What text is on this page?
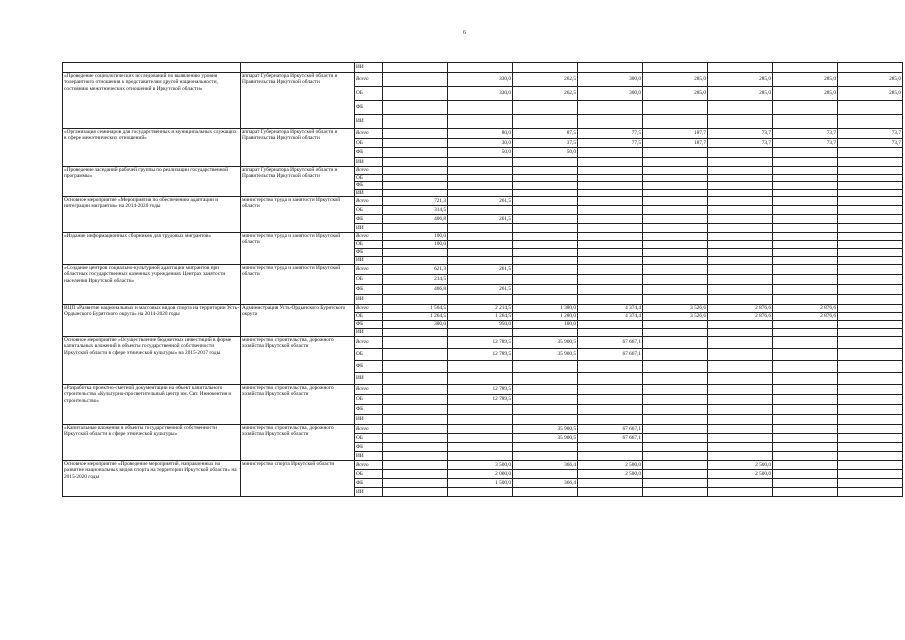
6
		ИИ								
«Проведение социологических исследований по выявлению уровня толерантного отношения к представителям другой национальности, состоянию межэтнических отношений в Иркутской области»	аппарат Губернатора Иркутской области и Правительства Иркутской области	Всего		330,0	262,5	300,0	285,0	285,0	285,0	285,0
		ОБ		330,0	262,5	300,0	285,0	285,0	285,0	285,0
		ФБ								
		ИИ								
«Организация семинаров для государственных и муниципальных служащих в сфере межэтнических отношений»	аппарат Губернатора Иркутской области и Правительства Иркутской области	Всего		80,0	87,5	77,5	187,7	73,7	73,7	73,7
		ОБ		30,0	37,5	77,5	187,7	73,7	73,7	73,7
		ФБ		50,0	50,0					
		ИИ								
«Проведение заседаний рабочей группы по реализации государственной программы»	аппарат Губернатора Иркутской области и Правительства Иркутской области	Всего								
		ОБ								
		ФБ								
		ИИ								
Основное мероприятие «Мероприятия по обеспечению адаптации и интеграции мигрантов» на 2014-2020 годы	министерство труда и занятости Иркутской области	Всего	721,3	261,5						
		ОБ	314,5							
		ФБ	406,8	261,5						
		ИИ								
«Издание информационных сборников для трудовых мигрантов»	министерство труда и занятости Иркутской области	Всего	100,0							
		ОБ	100,0							
		ФБ								
		ИИ								
«Создание центров социально-культурной адаптации мигрантов при областных государственных казенных учреждениях Центрах занятости населения Иркутской области»	министерство труда и занятости Иркутской области	Всего	621,3	261,5						
		ОБ	214,5							
		ФБ	406,8	261,5						
		ИИ								
ВЦП «Развитие национальных и массовых видов спорта на территории Усть-Ордынского Бурятского округа» на 2014-2020 годы	Администрация Усть-Ордынского Бурятского округа	Всего	1 564,5	2 214,5	1 380,0	4 374,4	3 526,6	2 876,6	2 876,6	
		ОБ	1 264,5	1 264,5	1 280,0	4 374,4	3 526,6	2 876,6	2 876,6	
		ФБ	300,0	950,0	100,0					
		ИИ								
Основное мероприятие «Осуществление бюджетных инвестиций в форме капитальных вложений в объекты государственной собственности Иркутской области в сфере этнической культуры» на 2015-2017 годы	министерство строительства, дорожного хозяйства Иркутской области	Всего		12 789,5	35 900,5	67 667,1				
		ОБ		12 789,5	35 900,5	67 667,1				
		ФБ								
		ИИ								
«Разработка проектно-сметной документации на объект капитального строительства «Культурно-просветительный центр им. Свт. Иннокентия и строительство»	министерство строительства, дорожного хозяйства Иркутской области	Всего		12 789,5						
		ОБ		12 789,5						
		ФБ								
		ИИ								
«Капитальные вложения в объекты государственной собственности Иркутской области в сфере этнической культуры»	министерство строительства, дорожного хозяйства Иркутской области	Всего			35 900,5	67 667,1				
		ОБ			35 900,5	67 667,1				
		ФБ								
		ИИ								
Основное мероприятие «Проведение мероприятий, направленных на развитие национальных видов спорта на территории Иркутской области» на 2015-2020 годы	министерство спорта Иркутской области	Всего		3 500,0	366,4	2 500,0		2 500,0		
		ОБ		2 000,0		2 500,0		2 500,0		
		ФБ		1 500,0	366,4					
		ИИ								
